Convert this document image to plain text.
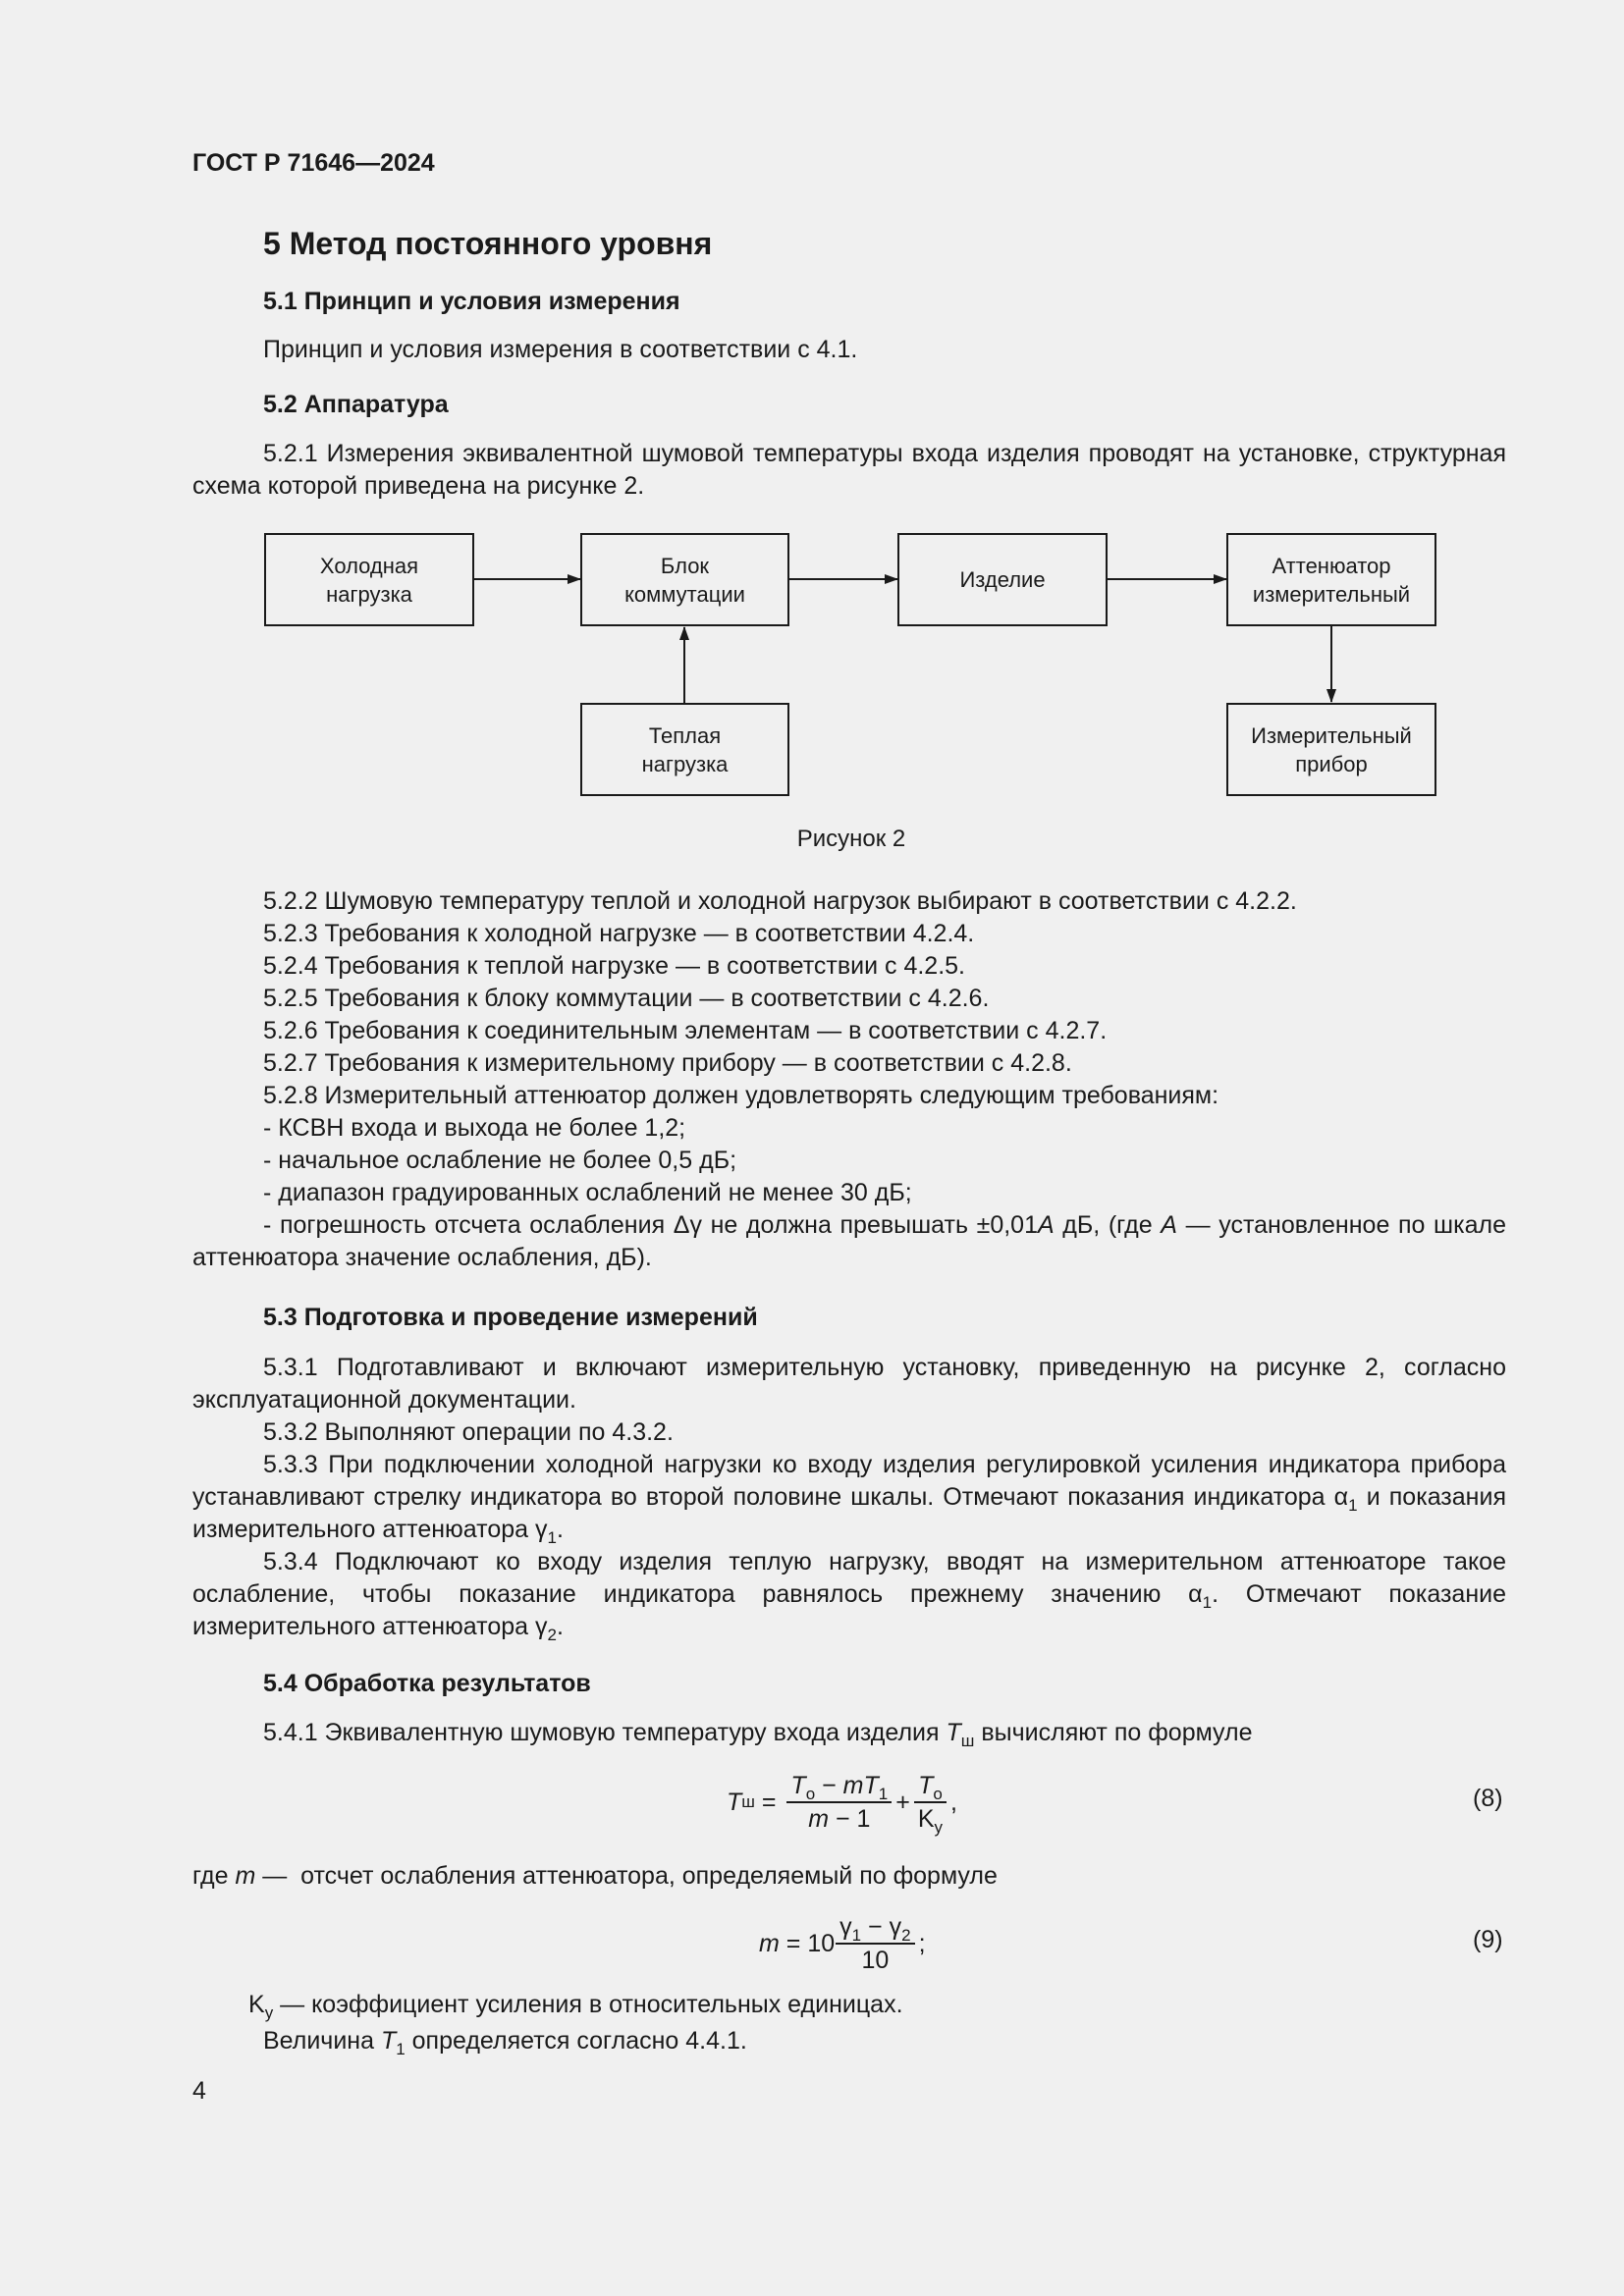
ГОСТ Р 71646—2024
5 Метод постоянного уровня
5.1 Принцип и условия измерения
Принцип и условия измерения в соответствии с 4.1.
5.2 Аппаратура

5.2.1 Измерения эквивалентной шумовой температуры входа изделия проводят на установке, структурная схема которой приведена на рисунке 2.

Холодная
нагрузка
Блок
коммутации
Изделие
Аттенюатор
измерительный
Теплая
нагрузка
Измерительный
прибор
Рисунок 2

5.2.2 Шумовую температуру теплой и холодной нагрузок выбирают в соответствии с 4.2.2.

5.2.3 Требования к холодной нагрузке — в соответствии 4.2.4.

5.2.4 Требования к теплой нагрузке — в соответствии с 4.2.5.

5.2.5 Требования к блоку коммутации — в соответствии с 4.2.6.

5.2.6 Требования к соединительным элементам — в соответствии с 4.2.7.

5.2.7 Требования к измерительному прибору — в соответствии с 4.2.8.

5.2.8 Измерительный аттенюатор должен удовлетворять следующим требованиям:

- КСВН входа и выхода не более 1,2;

- начальное ослабление не более 0,5 дБ;

- диапазон градуированных ослаблений не менее 30 дБ;

- погрешность отсчета ослабления Δγ не должна превышать ±0,01A дБ, (где A — установленное по шкале аттенюатора значение ослабления, дБ).

5.3 Подготовка и проведение измерений

5.3.1 Подготавливают и включают измерительную установку, приведенную на рисунке 2, согласно эксплуатационной документации.

5.3.2 Выполняют операции по 4.3.2.

5.3.3 При подключении холодной нагрузки ко входу изделия регулировкой усиления индикатора прибора устанавливают стрелку индикатора во второй половине шкалы. Отмечают показания индикатора $\alpha_1$ и показания измерительного аттенюатора $\gamma_1$.

5.3.4 Подключают ко входу изделия теплую нагрузку, вводят на измерительном аттенюаторе такое ослабление, чтобы показание индикатора равнялось прежнему значению $\alpha_1$. Отмечают показание измерительного аттенюатора $\gamma_2$.

5.4 Обработка результатов

5.4.1 Эквивалентную шумовую температуру входа изделия $T_ш$ вычисляют по формуле

T $ш = \frac{T_о - mT_1}{m - 1} + \frac{T_о}{K_у}$ ,	(8)

где m —  отсчет ослабления аттенюатора, определяемый по формуле

$m = 10 \frac{\gamma_1 - \gamma_2}{10}$ ;	(9)

$K_у$ — коэффициент усиления в относительных единицах.

Величина $T_1$ определяется согласно 4.4.1.

4
